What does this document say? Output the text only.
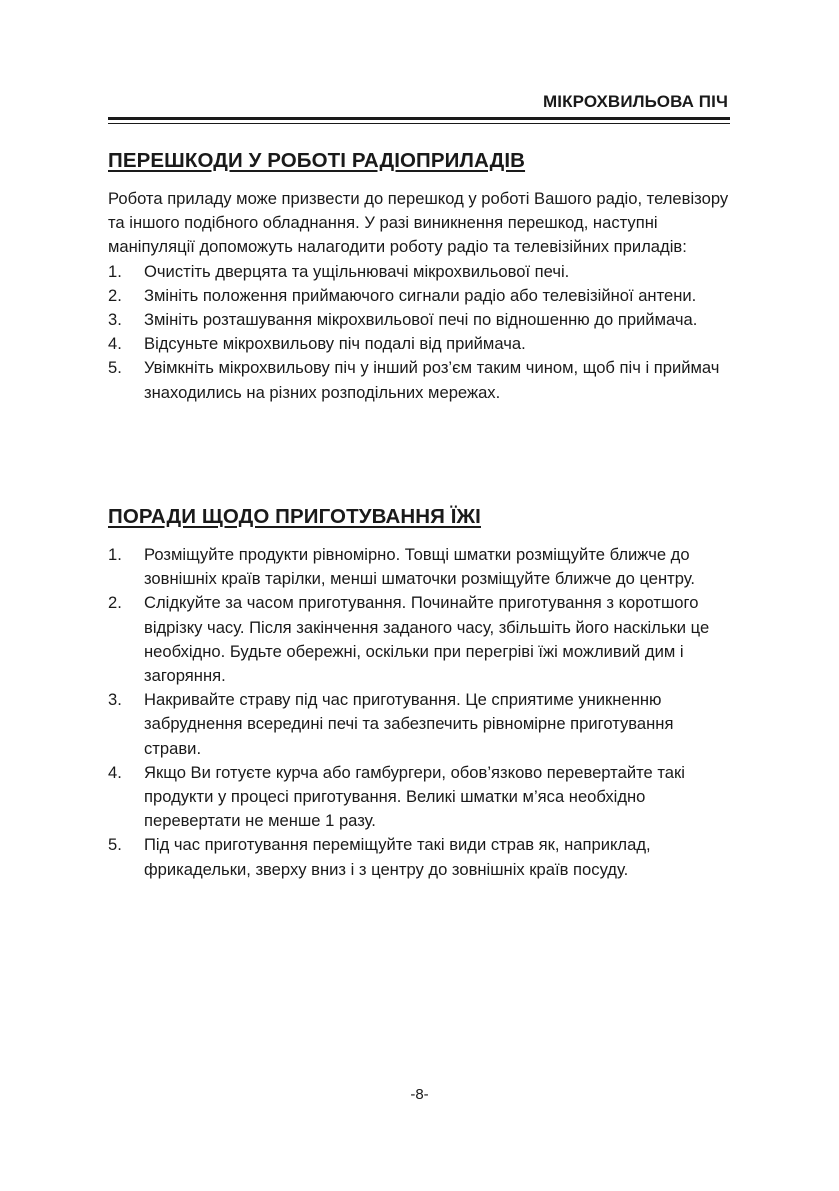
МІКРОХВИЛЬОВА ПІЧ
ПЕРЕШКОДИ У РОБОТІ РАДІОПРИЛАДІВ

Робота приладу може призвести до перешкод у роботі Вашого радіо, телевізору та іншого подібного обладнання. У разі виникнення перешкод, наступні маніпуляції допоможуть налагодити роботу радіо та телевізійних приладів:

1. Очистіть дверцята та ущільнювачі мікрохвильової печі.
2. Змініть положення приймаючого сигнали радіо або телевізійної антени.
3. Змініть розташування мікрохвильової печі по відношенню до приймача.
4. Відсуньте мікрохвильову піч подалі від приймача.
5. Увімкніть мікрохвильову піч у інший роз’єм таким чином, щоб піч і приймач знаходились на різних розподільних мережах.
ПОРАДИ ЩОДО ПРИГОТУВАННЯ ЇЖІ
1. Розміщуйте продукти рівномірно. Товщі шматки розміщуйте ближче до зовнішніх країв тарілки, менші шматочки розміщуйте ближче до центру.
2. Слідкуйте за часом приготування. Починайте приготування з коротшого відрізку часу. Після закінчення заданого часу, збільшіть його наскільки це необхідно. Будьте обережні, оскільки при перегріві їжі можливий дим і загоряння.
3. Накривайте страву під час приготування. Це сприятиме уникненню забруднення всередині печі та забезпечить рівномірне приготування страви.
4. Якщо Ви готуєте курча або гамбургери, обов’язково перевертайте такі продукти у процесі приготування. Великі шматки м’яса необхідно перевертати не менше 1 разу.
5. Під час приготування переміщуйте такі види страв як, наприклад, фрикадельки, зверху вниз і з центру до зовнішніх країв посуду.
-8-
